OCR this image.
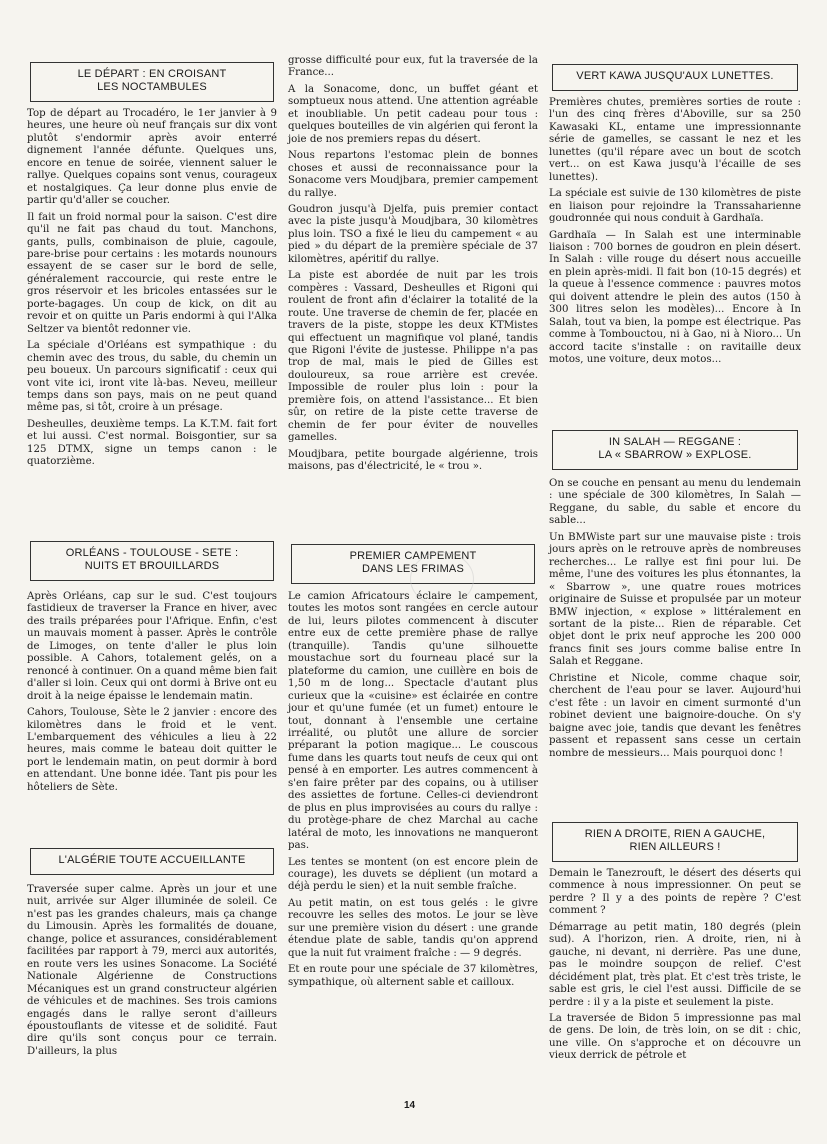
LE DÉPART : EN CROISANT
LES NOCTAMBULES

Top de départ au Trocadéro, le 1er janvier à 9 heures, une heure où neuf français sur dix vont plutôt s'endormir après avoir enterré dignement l'année défunte. Quelques uns, encore en tenue de soirée, viennent saluer le rallye. Quelques copains sont venus, courageux et nostalgiques. Ça leur donne plus envie de partir qu'd'aller se coucher.

Il fait un froid normal pour la saison. C'est dire qu'il ne fait pas chaud du tout. Manchons, gants, pulls, combinaison de pluie, cagoule, pare-brise pour certains : les motards nounours essayent de se caser sur le bord de selle, généralement raccourcie, qui reste entre le gros réservoir et les bricoles entassées sur le porte-bagages. Un coup de kick, on dit au revoir et on quitte un Paris endormi à qui l'Alka Seltzer va bientôt redonner vie.

La spéciale d'Orléans est sympathique : du chemin avec des trous, du sable, du chemin un peu boueux. Un parcours significatif : ceux qui vont vite ici, iront vite là-bas. Neveu, meilleur temps dans son pays, mais on ne peut quand même pas, si tôt, croire à un présage.

Desheulles, deuxième temps. La K.T.M. fait fort et lui aussi. C'est normal. Boisgontier, sur sa 125 DTMX, signe un temps canon : le quatorzième.

ORLÉANS - TOULOUSE - SETE :
NUITS ET BROUILLARDS

Après Orléans, cap sur le sud. C'est toujours fastidieux de traverser la France en hiver, avec des trails préparées pour l'Afrique. Enfin, c'est un mauvais moment à passer. Après le contrôle de Limoges, on tente d'aller le plus loin possible. A Cahors, totalement gelés, on a renoncé à continuer. On a quand même bien fait d'aller si loin. Ceux qui ont dormi à Brive ont eu droit à la neige épaisse le lendemain matin.

Cahors, Toulouse, Sète le 2 janvier : encore des kilomètres dans le froid et le vent. L'embarquement des véhicules a lieu à 22 heures, mais comme le bateau doit quitter le port le lendemain matin, on peut dormir à bord en attendant. Une bonne idée. Tant pis pour les hôteliers de Sète.

L'ALGÉRIE TOUTE ACCUEILLANTE

Traversée super calme. Après un jour et une nuit, arrivée sur Alger illuminée de soleil. Ce n'est pas les grandes chaleurs, mais ça change du Limousin. Après les formalités de douane, change, police et assurances, considérablement facilitées par rapport à 79, merci aux autorités, en route vers les usines Sonacome. La Société Nationale Algérienne de Constructions Mécaniques est un grand constructeur algérien de véhicules et de machines. Ses trois camions engagés dans le rallye seront d'ailleurs époustouflants de vitesse et de solidité. Faut dire qu'ils sont conçus pour ce terrain. D'ailleurs, la plus

grosse difficulté pour eux, fut la traversée de la France...

A la Sonacome, donc, un buffet géant et somptueux nous attend. Une attention agréable et inoubliable. Un petit cadeau pour tous : quelques bouteilles de vin algérien qui feront la joie de nos premiers repas du désert.

Nous repartons l'estomac plein de bonnes choses et aussi de reconnaissance pour la Sonacome vers Moudjbara, premier campement du rallye.

Goudron jusqu'à Djelfa, puis premier contact avec la piste jusqu'à Moudjbara, 30 kilomètres plus loin. TSO a fixé le lieu du campement « au pied » du départ de la première spéciale de 37 kilomètres, apéritif du rallye.

La piste est abordée de nuit par les trois compères : Vassard, Desheulles et Rigoni qui roulent de front afin d'éclairer la totalité de la route. Une traverse de chemin de fer, placée en travers de la piste, stoppe les deux KTMistes qui effectuent un magnifique vol plané, tandis que Rigoni l'évite de justesse. Philippe n'a pas trop de mal, mais le pied de Gilles est douloureux, sa roue arrière est crevée. Impossible de rouler plus loin : pour la première fois, on attend l'assistance... Et bien sûr, on retire de la piste cette traverse de chemin de fer pour éviter de nouvelles gamelles.

Moudjbara, petite bourgade algérienne, trois maisons, pas d'électricité, le « trou ».

PREMIER CAMPEMENT
DANS LES FRIMAS

Le camion Africatours éclaire le campement, toutes les motos sont rangées en cercle autour de lui, leurs pilotes commencent à discuter entre eux de cette première phase de rallye (tranquille). Tandis qu'une silhouette moustachue sort du fourneau placé sur la plateforme du camion, une cuillère en bois de 1,50 m de long... Spectacle d'autant plus curieux que la «cuisine» est éclairée en contre jour et qu'une fumée (et un fumet) entoure le tout, donnant à l'ensemble une certaine irréalité, ou plutôt une allure de sorcier préparant la potion magique... Le couscous fume dans les quarts tout neufs de ceux qui ont pensé à en emporter. Les autres commencent à s'en faire prêter par des copains, ou à utiliser des assiettes de fortune. Celles-ci deviendront de plus en plus improvisées au cours du rallye : du protège-phare de chez Marchal au cache latéral de moto, les innovations ne manqueront pas.

Les tentes se montent (on est encore plein de courage), les duvets se déplient (un motard a déjà perdu le sien) et la nuit semble fraîche.

Au petit matin, on est tous gelés : le givre recouvre les selles des motos. Le jour se lève sur une première vision du désert : une grande étendue plate de sable, tandis qu'on apprend que la nuit fut vraiment fraîche : — 9 degrés.

Et en route pour une spéciale de 37 kilomètres, sympathique, où alternent sable et cailloux.

VERT KAWA JUSQU'AUX LUNETTES.

Premières chutes, premières sorties de route : l'un des cinq frères d'Aboville, sur sa 250 Kawasaki KL, entame une impressionnante série de gamelles, se cassant le nez et les lunettes (qu'il répare avec un bout de scotch vert... on est Kawa jusqu'à l'écaille de ses lunettes).

La spéciale est suivie de 130 kilomètres de piste en liaison pour rejoindre la Transsaharienne goudronnée qui nous conduit à Gardhaïa.

Gardhaïa — In Salah est une interminable liaison : 700 bornes de goudron en plein désert. In Salah : ville rouge du désert nous accueille en plein après-midi. Il fait bon (10-15 degrés) et la queue à l'essence commence : pauvres motos qui doivent attendre le plein des autos (150 à 300 litres selon les modèles)... Encore à In Salah, tout va bien, la pompe est électrique. Pas comme à Tombouctou, ni à Gao, ni à Nioro... Un accord tacite s'installe : on ravitaille deux motos, une voiture, deux motos...

IN SALAH — REGGANE :
LA « SBARROW » EXPLOSE.

On se couche en pensant au menu du lendemain : une spéciale de 300 kilomètres, In Salah — Reggane, du sable, du sable et encore du sable...

Un BMWiste part sur une mauvaise piste : trois jours après on le retrouve après de nombreuses recherches... Le rallye est fini pour lui. De même, l'une des voitures les plus étonnantes, la « Sbarrow », une quatre roues motrices originaire de Suisse et propulsée par un moteur BMW injection, « explose » littéralement en sortant de la piste... Rien de réparable. Cet objet dont le prix neuf approche les 200 000 francs finit ses jours comme balise entre In Salah et Reggane.

Christine et Nicole, comme chaque soir, cherchent de l'eau pour se laver. Aujourd'hui c'est fête : un lavoir en ciment surmonté d'un robinet devient une baignoire-douche. On s'y baigne avec joie, tandis que devant les fenêtres passent et repassent sans cesse un certain nombre de messieurs... Mais pourquoi donc !

RIEN A DROITE, RIEN A GAUCHE,
RIEN AILLEURS !

Demain le Tanezrouft, le désert des déserts qui commence à nous impressionner. On peut se perdre ? Il y a des points de repère ? C'est comment ?

Démarrage au petit matin, 180 degrés (plein sud). A l'horizon, rien. A droite, rien, ni à gauche, ni devant, ni derrière. Pas une dune, pas le moindre soupçon de relief. C'est décidément plat, très plat. Et c'est très triste, le sable est gris, le ciel l'est aussi. Difficile de se perdre : il y a la piste et seulement la piste.

La traversée de Bidon 5 impressionne pas mal de gens. De loin, de très loin, on se dit : chic, une ville. On s'approche et on découvre un vieux derrick de pétrole et

14
